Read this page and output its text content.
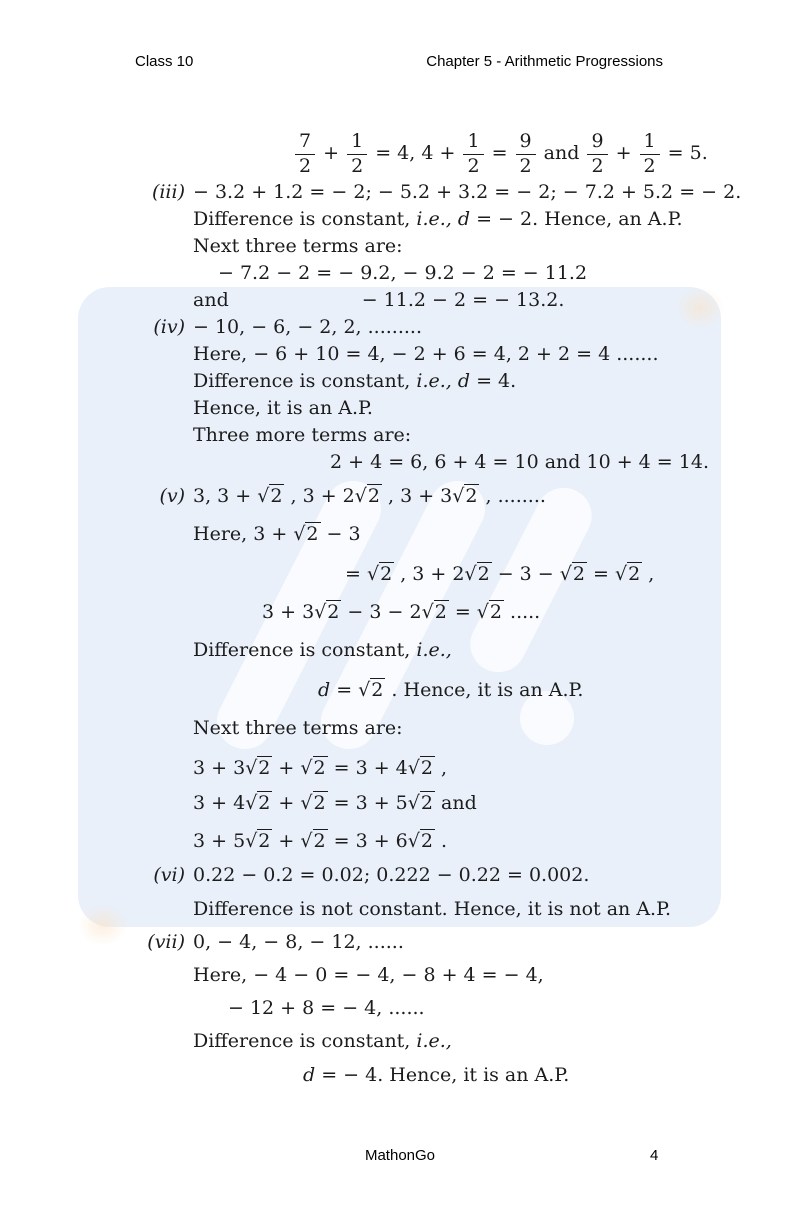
Class 10	Chapter 5 - Arithmetic Progressions
$\frac{7}{2} + \frac{1}{2} = 4$, $4 + \frac{1}{2} = \frac{9}{2}$ and $\frac{9}{2} + \frac{1}{2} = 5$.
(iii) − 3.2 + 1.2 = − 2; − 5.2 + 3.2 = − 2; − 7.2 + 5.2 = − 2.
Difference is constant, i.e., d = − 2. Hence, an A.P.
Next three terms are:
− 7.2 − 2 = − 9.2, − 9.2 − 2 = − 11.2
and       − 11.2 − 2 = − 13.2.
(iv) − 10, − 6, − 2, 2, .........
Here, − 6 + 10 = 4, − 2 + 6 = 4, 2 + 2 = 4 .......
Difference is constant, i.e., d = 4.
Hence, it is an A.P.
Three more terms are:
2 + 4 = 6, 6 + 4 = 10 and 10 + 4 = 14.
(v) 3, 3 + √2 , 3 + 2√2 , 3 + 3√2 , ........
Here, 3 + √2 − 3
= √2 , 3 + 2√2 − 3 − √2 = √2 ,
3 + 3√2 − 3 − 2√2 = √2 .....
Difference is constant, i.e.,
d = √2 . Hence, it is an A.P.
Next three terms are:
3 + 3√2 + √2 = 3 + 4√2 ,
3 + 4√2 + √2 = 3 + 5√2 and
3 + 5√2 + √2 = 3 + 6√2 .
(vi) 0.22 − 0.2 = 0.02; 0.222 − 0.22 = 0.002.
Difference is not constant. Hence, it is not an A.P.
(vii) 0, − 4, − 8, − 12, ......
Here, − 4 − 0 = − 4, − 8 + 4 = − 4,
− 12 + 8 = − 4, ......
Difference is constant, i.e.,
d = − 4. Hence, it is an A.P.
MathonGo	4
